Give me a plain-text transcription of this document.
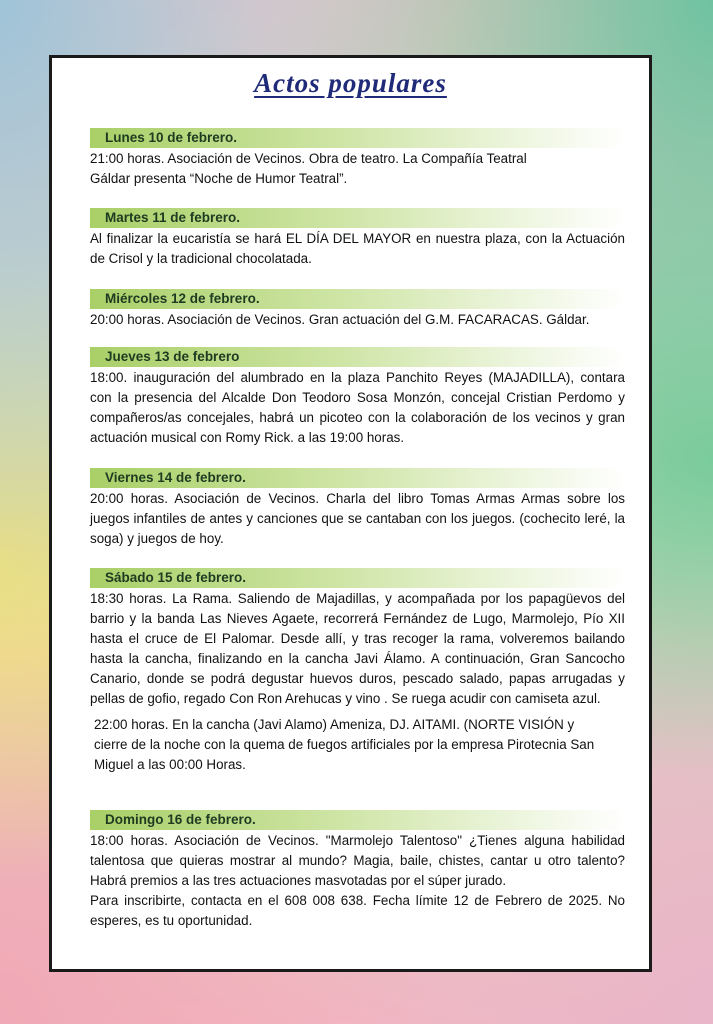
Actos populares
Lunes 10 de febrero.

21:00 horas. Asociación de Vecinos. Obra de teatro. La Compañía Teatral Gáldar presenta “Noche de Humor Teatral”.

Martes 11 de febrero.

Al finalizar la eucaristía se hará EL DÍA DEL MAYOR en nuestra plaza, con la Actuación de Crisol y la tradicional chocolatada.

Miércoles 12 de febrero.

20:00 horas. Asociación de Vecinos. Gran actuación del G.M. FACARACAS. Gáldar.

Jueves 13 de febrero

18:00. inauguración del alumbrado en la plaza Panchito Reyes (MAJADILLA), contara con la presencia del Alcalde Don Teodoro Sosa Monzón, concejal Cristian Perdomo y compañeros/as concejales, habrá un picoteo con la colaboración de los vecinos y gran actuación musical con Romy Rick. a las 19:00 horas.

Viernes 14 de febrero.

20:00 horas. Asociación de Vecinos. Charla del libro Tomas Armas Armas sobre los juegos infantiles de antes y canciones que se cantaban con los juegos. (cochecito leré, la soga) y juegos de hoy.

Sábado 15 de febrero.

18:30 horas. La Rama. Saliendo de Majadillas, y acompañada por los papagüevos del barrio y la banda Las Nieves Agaete, recorrerá Fernández de Lugo, Marmolejo, Pío XII hasta el cruce de El Palomar. Desde allí, y tras recoger la rama, volveremos bailando hasta la cancha, finalizando en la cancha Javi Álamo. A continuación, Gran Sancocho Canario, donde se podrá degustar huevos duros, pescado salado, papas arrugadas y pellas de gofio, regado Con Ron Arehucas y vino . Se ruega acudir con camiseta azul.

22:00 horas. En la cancha (Javi Alamo) Ameniza, DJ. AITAMI. (NORTE VISIÓN y cierre de la noche con la quema de fuegos artificiales por la empresa Pirotecnia San Miguel a las 00:00 Horas.

Domingo 16 de febrero.

18:00 horas. Asociación de Vecinos. "Marmolejo Talentoso" ¿Tienes alguna habilidad talentosa que quieras mostrar al mundo? Magia, baile, chistes, cantar u otro talento? Habrá premios a las tres actuaciones masvotadas por el súper jurado.

Para inscribirte, contacta en el 608 008 638. Fecha límite 12 de Febrero de 2025. No esperes, es tu oportunidad.
